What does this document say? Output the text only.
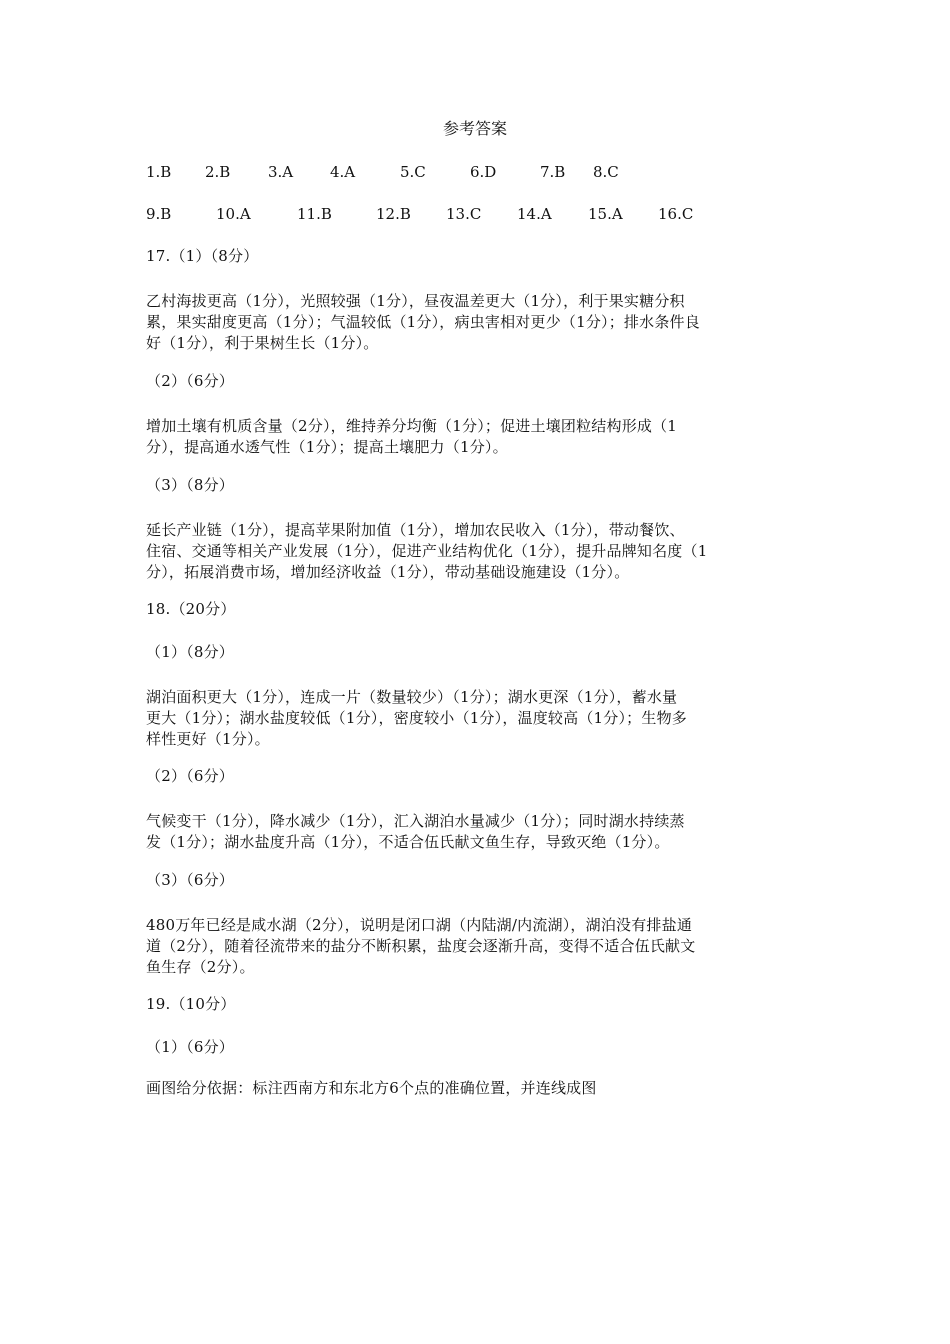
参考答案
1.B 2.B	3.A 4.A	5.C	6.D	7.B 8.C
9.B	10.A	11.B	12.B 13.C 14.A 15.A 16.C
17.（1）（8分）
乙村海拔更高（1分），光照较强（1分），昼夜温差更大（1分），利于果实糖分积
累，果实甜度更高（1分）；气温较低（1分），病虫害相对更少（1分）；排水条件良
好（1分），利于果树生长（1分）。
（2）（6分）
增加土壤有机质含量（2分），维持养分均衡（1分）；促进土壤团粒结构形成（1
分），提高通水透气性（1分）；提高土壤肥力（1分）。
（3）（8分）
延长产业链（1分），提高苹果附加值（1分），增加农民收入（1分），带动餐饮、
住宿、交通等相关产业发展（1分），促进产业结构优化（1分），提升品牌知名度（1
分），拓展消费市场，增加经济收益（1分），带动基础设施建设（1分）。
18.（20分）
（1）（8分）
湖泊面积更大（1分），连成一片（数量较少）（1分）；湖水更深（1分），蓄水量
更大（1分）；湖水盐度较低（1分），密度较小（1分），温度较高（1分）；生物多
样性更好（1分）。
（2）（6分）
气候变干（1分），降水减少（1分），汇入湖泊水量减少（1分）；同时湖水持续蒸
发（1分）；湖水盐度升高（1分），不适合伍氏献文鱼生存，导致灭绝（1分）。
（3）（6分）
480万年已经是咸水湖（2分），说明是闭口湖（内陆湖/内流湖），湖泊没有排盐通
道（2分），随着径流带来的盐分不断积累，盐度会逐渐升高，变得不适合伍氏献文
鱼生存（2分）。
19.（10分）
（1）（6分）
画图给分依据：标注西南方和东北方6个点的准确位置，并连线成图
